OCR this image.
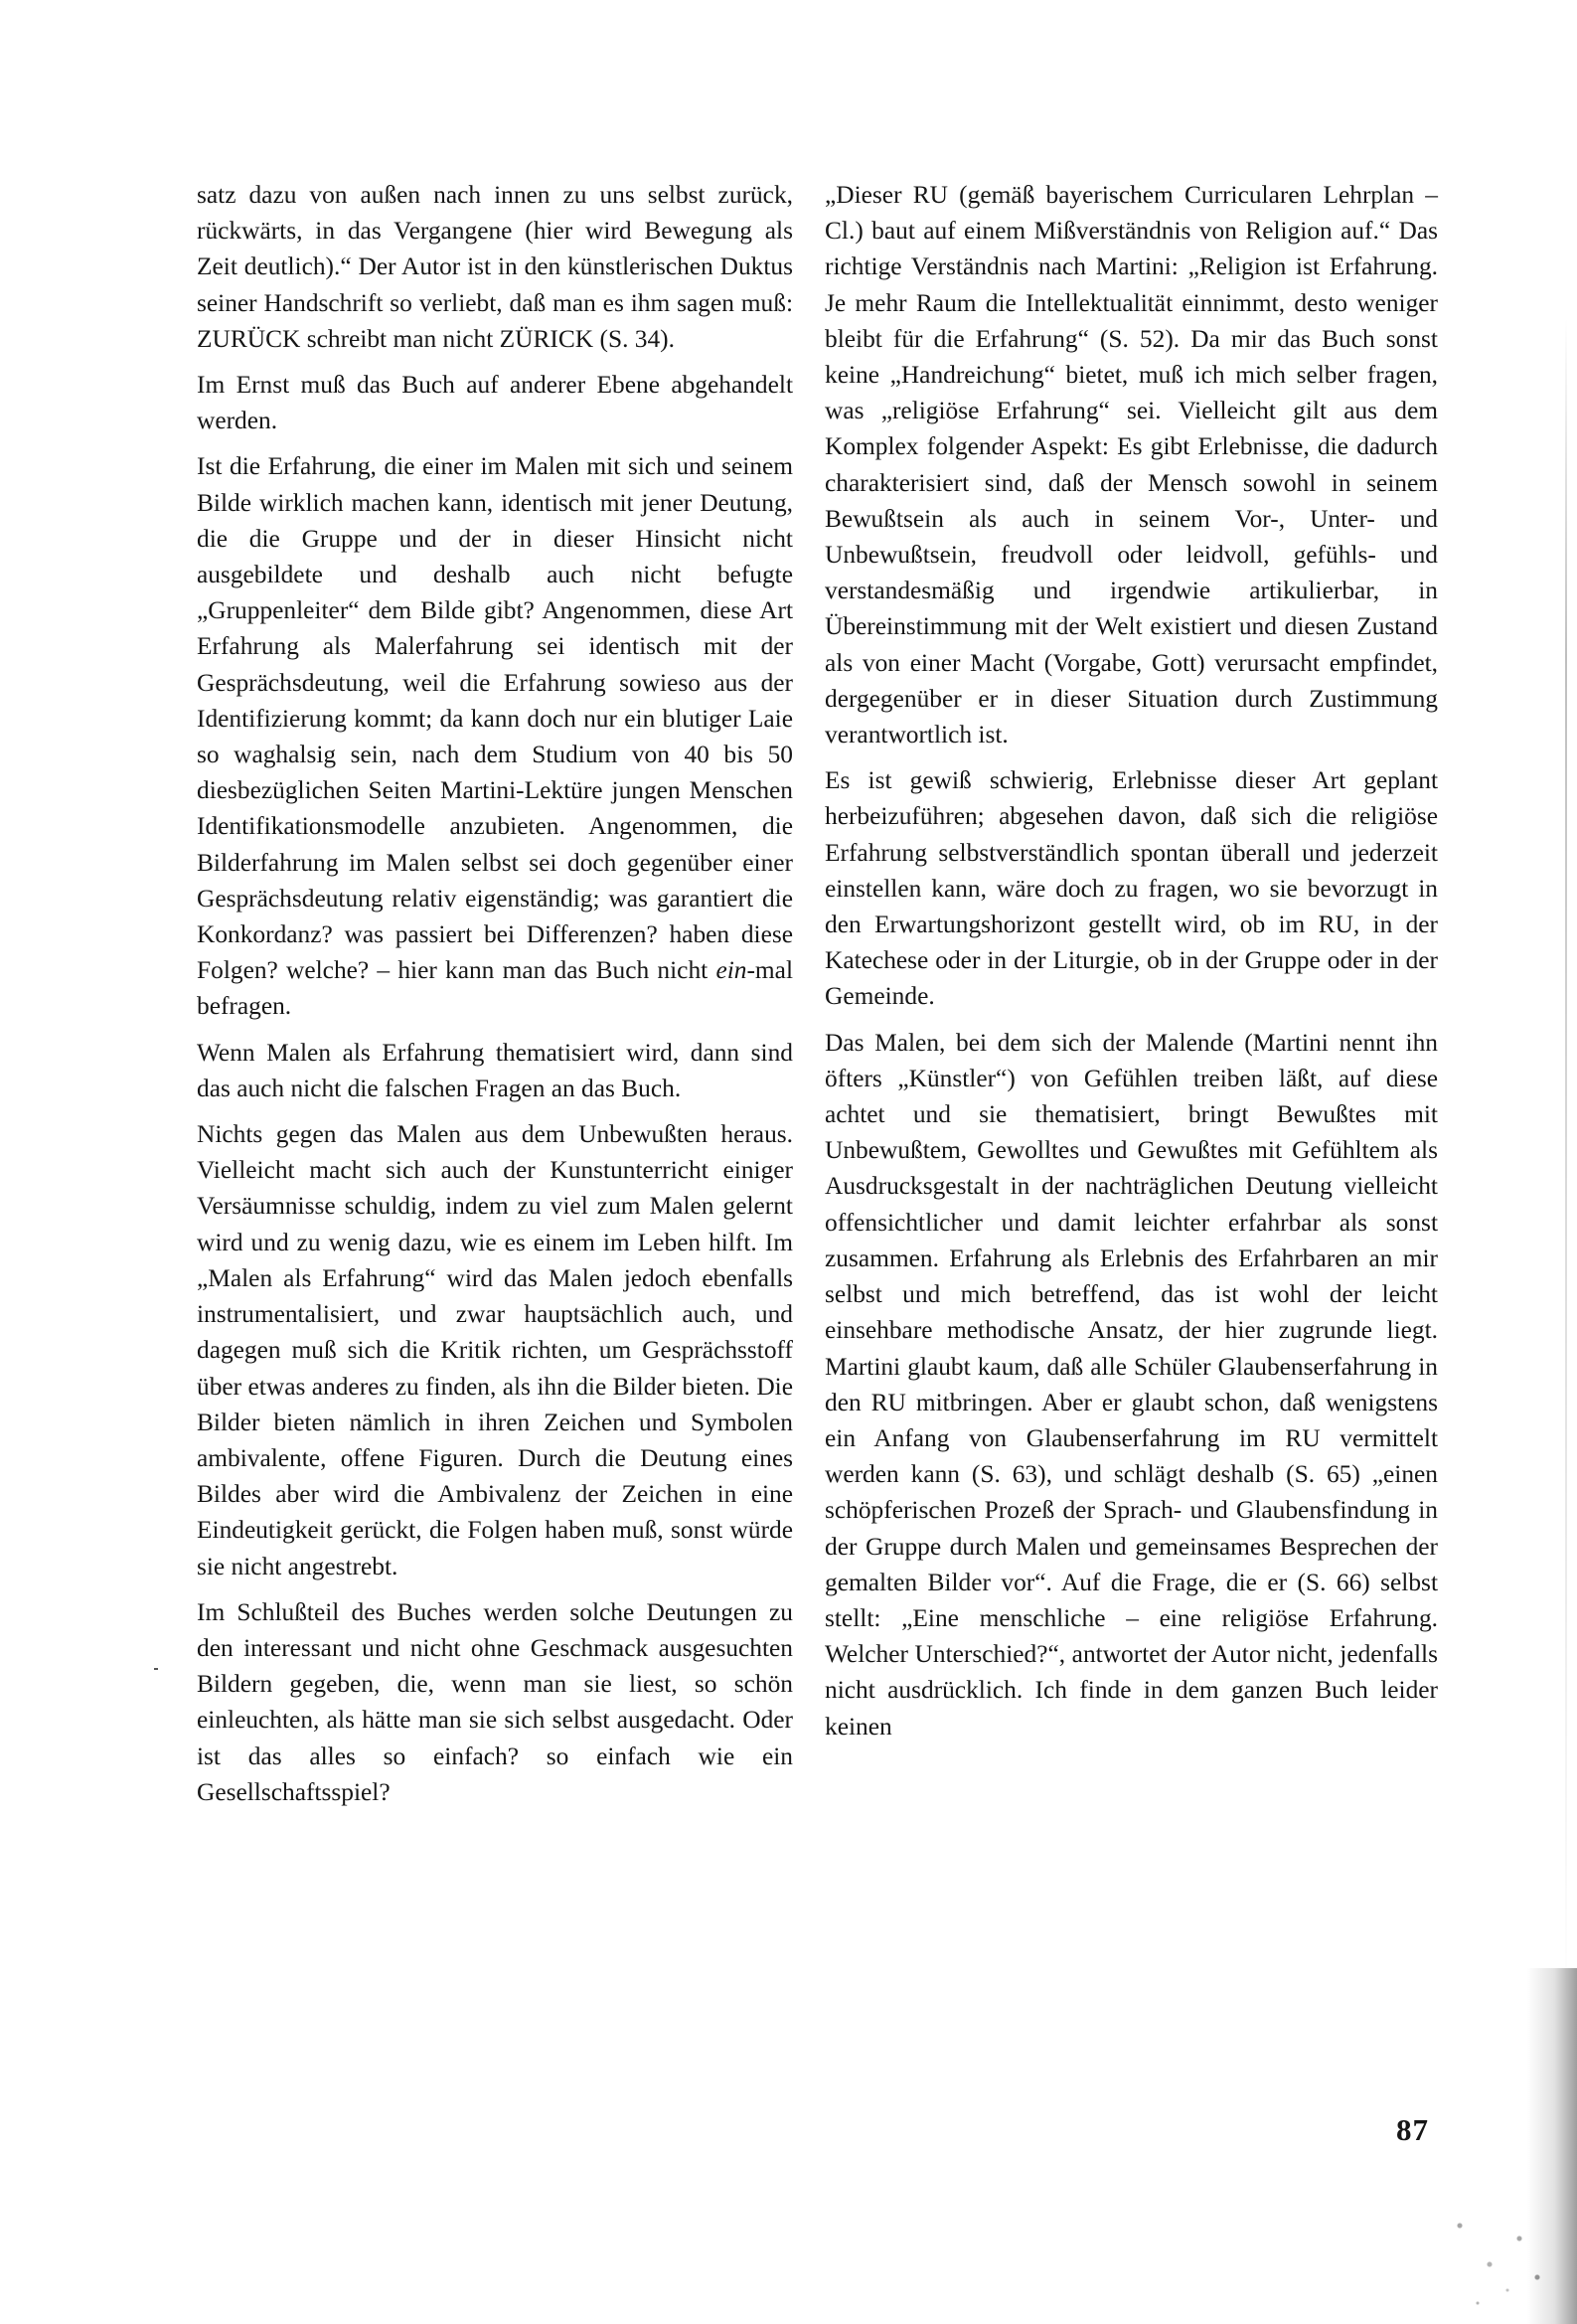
satz dazu von außen nach innen zu uns selbst zurück, rückwärts, in das Vergangene (hier wird Bewegung als Zeit deutlich).“ Der Autor ist in den künstlerischen Duktus seiner Handschrift so verliebt, daß man es ihm sagen muß: ZURÜCK schreibt man nicht ZÜRICK (S. 34).

Im Ernst muß das Buch auf anderer Ebene abgehandelt werden.

Ist die Erfahrung, die einer im Malen mit sich und seinem Bilde wirklich machen kann, identisch mit jener Deutung, die die Gruppe und der in dieser Hinsicht nicht ausgebildete und deshalb auch nicht befugte „Gruppenleiter“ dem Bilde gibt? Angenommen, diese Art Erfahrung als Malerfahrung sei identisch mit der Gesprächsdeutung, weil die Erfahrung sowieso aus der Identifizierung kommt; da kann doch nur ein blutiger Laie so waghalsig sein, nach dem Studium von 40 bis 50 diesbezüglichen Seiten Martini-Lektüre jungen Menschen Identifikationsmodelle anzubieten. Angenommen, die Bilderfahrung im Malen selbst sei doch gegenüber einer Gesprächsdeutung relativ eigenständig; was garantiert die Konkordanz? was passiert bei Differenzen? haben diese Folgen? welche? – hier kann man das Buch nicht ein-mal befragen.

Wenn Malen als Erfahrung thematisiert wird, dann sind das auch nicht die falschen Fragen an das Buch.

Nichts gegen das Malen aus dem Unbewußten heraus. Vielleicht macht sich auch der Kunstunterricht einiger Versäumnisse schuldig, indem zu viel zum Malen gelernt wird und zu wenig dazu, wie es einem im Leben hilft. Im „Malen als Erfahrung“ wird das Malen jedoch ebenfalls instrumentalisiert, und zwar hauptsächlich auch, und dagegen muß sich die Kritik richten, um Gesprächsstoff über etwas anderes zu finden, als ihn die Bilder bieten. Die Bilder bieten nämlich in ihren Zeichen und Symbolen ambivalente, offene Figuren. Durch die Deutung eines Bildes aber wird die Ambivalenz der Zeichen in eine Eindeutigkeit gerückt, die Folgen haben muß, sonst würde sie nicht angestrebt.

Im Schlußteil des Buches werden solche Deutungen zu den interessant und nicht ohne Geschmack ausgesuchten Bildern gegeben, die, wenn man sie liest, so schön einleuchten, als hätte man sie sich selbst ausgedacht. Oder ist das alles so einfach? so einfach wie ein Gesellschaftsspiel?

„Dieser RU (gemäß bayerischem Curricularen Lehrplan – Cl.) baut auf einem Mißverständnis von Religion auf.“ Das richtige Verständnis nach Martini: „Religion ist Erfahrung. Je mehr Raum die Intellektualität einnimmt, desto weniger bleibt für die Erfahrung“ (S. 52). Da mir das Buch sonst keine „Handreichung“ bietet, muß ich mich selber fragen, was „religiöse Erfahrung“ sei. Vielleicht gilt aus dem Komplex folgender Aspekt: Es gibt Erlebnisse, die dadurch charakterisiert sind, daß der Mensch sowohl in seinem Bewußtsein als auch in seinem Vor-, Unter- und Unbewußtsein, freudvoll oder leidvoll, gefühls- und verstandesmäßig und irgendwie artikulierbar, in Übereinstimmung mit der Welt existiert und diesen Zustand als von einer Macht (Vorgabe, Gott) verursacht empfindet, dergegenüber er in dieser Situation durch Zustimmung verantwortlich ist.

Es ist gewiß schwierig, Erlebnisse dieser Art geplant herbeizuführen; abgesehen davon, daß sich die religiöse Erfahrung selbstverständlich spontan überall und jederzeit einstellen kann, wäre doch zu fragen, wo sie bevorzugt in den Erwartungshorizont gestellt wird, ob im RU, in der Katechese oder in der Liturgie, ob in der Gruppe oder in der Gemeinde.

Das Malen, bei dem sich der Malende (Martini nennt ihn öfters „Künstler“) von Gefühlen treiben läßt, auf diese achtet und sie thematisiert, bringt Bewußtes mit Unbewußtem, Gewolltes und Gewußtes mit Gefühltem als Ausdrucksgestalt in der nachträglichen Deutung vielleicht offensichtlicher und damit leichter erfahrbar als sonst zusammen. Erfahrung als Erlebnis des Erfahrbaren an mir selbst und mich betreffend, das ist wohl der leicht einsehbare methodische Ansatz, der hier zugrunde liegt. Martini glaubt kaum, daß alle Schüler Glaubenserfahrung in den RU mitbringen. Aber er glaubt schon, daß wenigstens ein Anfang von Glaubenserfahrung im RU vermittelt werden kann (S. 63), und schlägt deshalb (S. 65) „einen schöpferischen Prozeß der Sprach- und Glaubensfindung in der Gruppe durch Malen und gemeinsames Besprechen der gemalten Bilder vor“. Auf die Frage, die er (S. 66) selbst stellt: „Eine menschliche – eine religiöse Erfahrung. Welcher Unterschied?“, antwortet der Autor nicht, jedenfalls nicht ausdrücklich. Ich finde in dem ganzen Buch leider keinen

87
